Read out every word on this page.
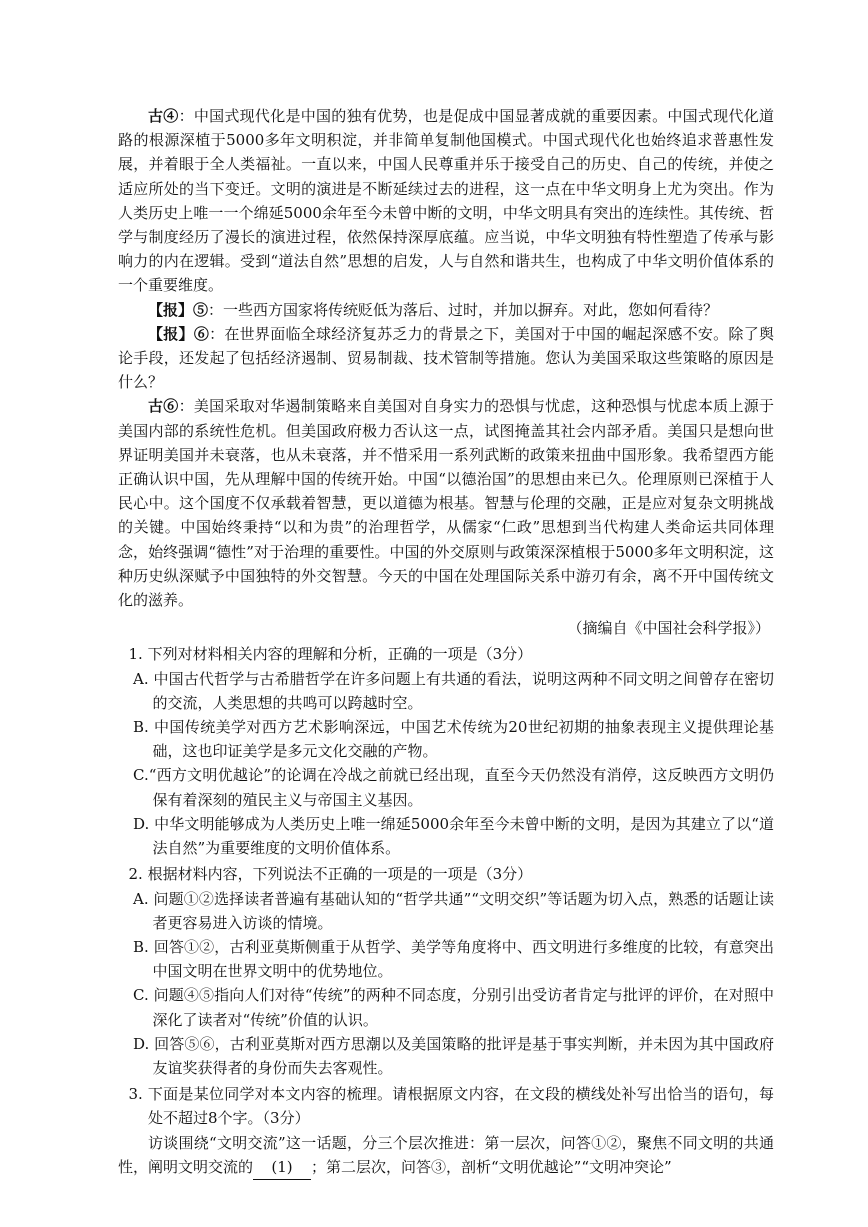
古④：中国式现代化是中国的独有优势，也是促成中国显著成就的重要因素。中国式现代化道路的根源深植于5000多年文明积淀，并非简单复制他国模式。中国式现代化也始终追求普惠性发展，并着眼于全人类福祉。一直以来，中国人民尊重并乐于接受自己的历史、自己的传统，并使之适应所处的当下变迁。文明的演进是不断延续过去的进程，这一点在中华文明身上尤为突出。作为人类历史上唯一一个绵延5000余年至今未曾中断的文明，中华文明具有突出的连续性。其传统、哲学与制度经历了漫长的演进过程，依然保持深厚底蕴。应当说，中华文明独有特性塑造了传承与影响力的内在逻辑。受到“道法自然”思想的启发，人与自然和谐共生，也构成了中华文明价值体系的一个重要维度。

【报】⑤：一些西方国家将传统贬低为落后、过时，并加以摒弃。对此，您如何看待？

【报】⑥：在世界面临全球经济复苏乏力的背景之下，美国对于中国的崛起深感不安。除了舆论手段，还发起了包括经济遏制、贸易制裁、技术管制等措施。您认为美国采取这些策略的原因是什么？

古⑥：美国采取对华遏制策略来自美国对自身实力的恐惧与忧虑，这种恐惧与忧虑本质上源于美国内部的系统性危机。但美国政府极力否认这一点，试图掩盖其社会内部矛盾。美国只是想向世界证明美国并未衰落，也从未衰落，并不惜采用一系列武断的政策来扭曲中国形象。我希望西方能正确认识中国，先从理解中国的传统开始。中国“以德治国”的思想由来已久。伦理原则已深植于人民心中。这个国度不仅承载着智慧，更以道德为根基。智慧与伦理的交融，正是应对复杂文明挑战的关键。中国始终秉持“以和为贵”的治理哲学，从儒家“仁政”思想到当代构建人类命运共同体理念，始终强调“德性”对于治理的重要性。中国的外交原则与政策深深植根于5000多年文明积淀，这种历史纵深赋予中国独特的外交智慧。今天的中国在处理国际关系中游刃有余，离不开中国传统文化的滋养。

（摘编自《中国社会科学报》）

1. 下列对材料相关内容的理解和分析，正确的一项是（3分）

A. 中国古代哲学与古希腊哲学在许多问题上有共通的看法，说明这两种不同文明之间曾存在密切的交流，人类思想的共鸣可以跨越时空。

B. 中国传统美学对西方艺术影响深远，中国艺术传统为20世纪初期的抽象表现主义提供理论基础，这也印证美学是多元文化交融的产物。

C.“西方文明优越论”的论调在冷战之前就已经出现，直至今天仍然没有消停，这反映西方文明仍保有着深刻的殖民主义与帝国主义基因。

D. 中华文明能够成为人类历史上唯一绵延5000余年至今未曾中断的文明，是因为其建立了以“道法自然”为重要维度的文明价值体系。

2. 根据材料内容，下列说法不正确的一项是的一项是（3分）

A. 问题①②选择读者普遍有基础认知的“哲学共通”“文明交织”等话题为切入点，熟悉的话题让读者更容易进入访谈的情境。

B. 回答①②，古利亚莫斯侧重于从哲学、美学等角度将中、西文明进行多维度的比较，有意突出中国文明在世界文明中的优势地位。

C. 问题④⑤指向人们对待“传统”的两种不同态度，分别引出受访者肯定与批评的评价，在对照中深化了读者对“传统”价值的认识。

D. 回答⑤⑥，古利亚莫斯对西方思潮以及美国策略的批评是基于事实判断，并未因为其中国政府友谊奖获得者的身份而失去客观性。

3. 下面是某位同学对本文内容的梳理。请根据原文内容，在文段的横线处补写出恰当的语句，每处不超过8个字。（3分）

访谈围绕“文明交流”这一话题，分三个层次推进：第一层次，问答①②，聚焦不同文明的共通性，阐明文明交流的 (1) ；第二层次，问答③，剖析“文明优越论”“文明冲突论”
